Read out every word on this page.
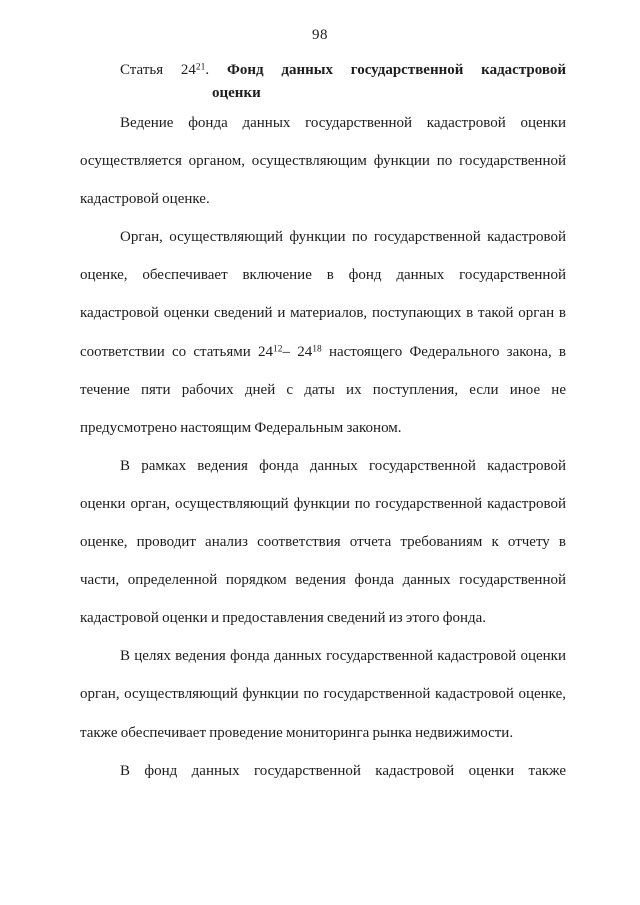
98
Статья $24^{21}$. Фонд данных государственной кадастровой
оценки
Ведение фонда данных государственной кадастровой оценки
осуществляется органом, осуществляющим функции по государственной
кадастровой оценке.
Орган, осуществляющий функции по государственной кадастровой
оценке, обеспечивает включение в фонд данных государственной
кадастровой оценки сведений и материалов, поступающих в такой орган в
соответствии со статьями $24^{12}-$ $24^{18}$ настоящего Федерального закона, в
течение пяти рабочих дней с даты их поступления, если иное не
предусмотрено настоящим Федеральным законом.
В рамках ведения фонда данных государственной кадастровой
оценки орган, осуществляющий функции по государственной кадастровой
оценке, проводит анализ соответствия отчета требованиям к отчету в
части, определенной порядком ведения фонда данных государственной
кадастровой оценки и предоставления сведений из этого фонда.
В целях ведения фонда данных государственной кадастровой оценки
орган, осуществляющий функции по государственной кадастровой оценке,
также обеспечивает проведение мониторинга рынка недвижимости.
В фонд данных государственной кадастровой оценки также
